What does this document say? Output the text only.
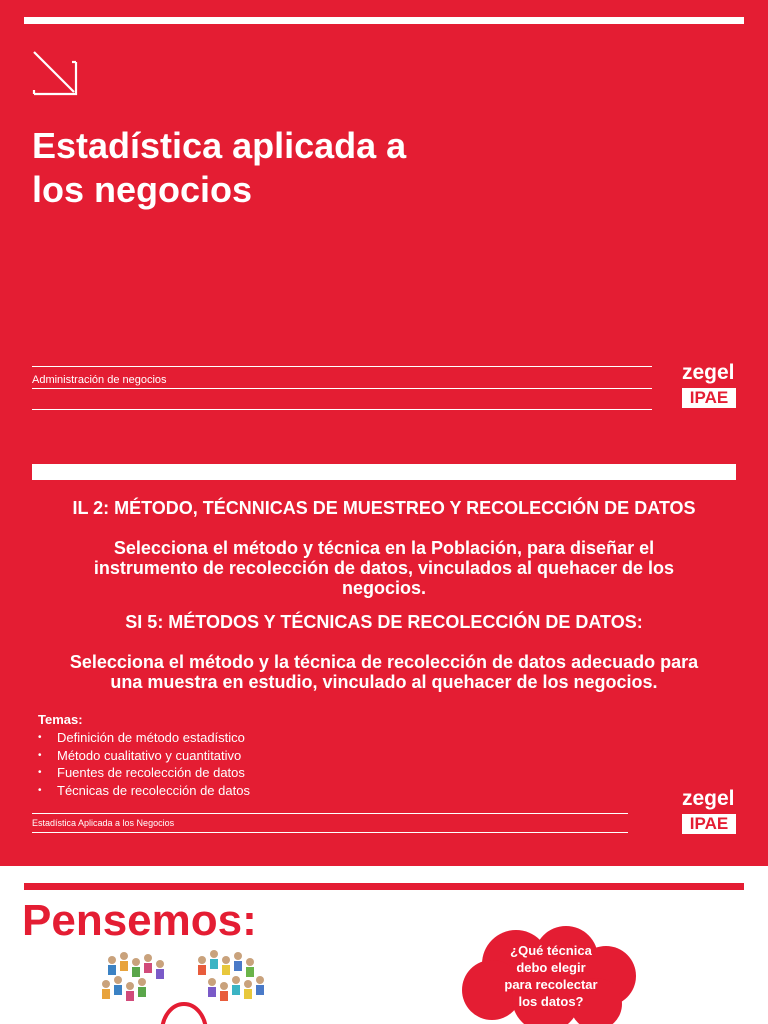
Estadística aplicada a
los negocios
Administración de negocios	zegel
IPAE
IL 2: MÉTODO, TÉCNNICAS DE MUESTREO Y RECOLECCIÓN DE DATOS

Selecciona el método y técnica en la Población, para diseñar el
instrumento de recolección de datos, vinculados al quehacer de los
negocios.

SI 5: MÉTODOS Y TÉCNICAS DE RECOLECCIÓN DE DATOS:

Selecciona el método y la técnica de recolección de datos adecuado para
una muestra en estudio, vinculado al quehacer de los negocios.

Temas:
• Definición de método estadístico
• Método cualitativo y cuantitativo
• Fuentes de recolección de datos
• Técnicas de recolección de datos
Estadística Aplicada a los Negocios
zegel
IPAE
Pensemos:
¿Qué técnica
debo elegir
para recolectar
los datos?
